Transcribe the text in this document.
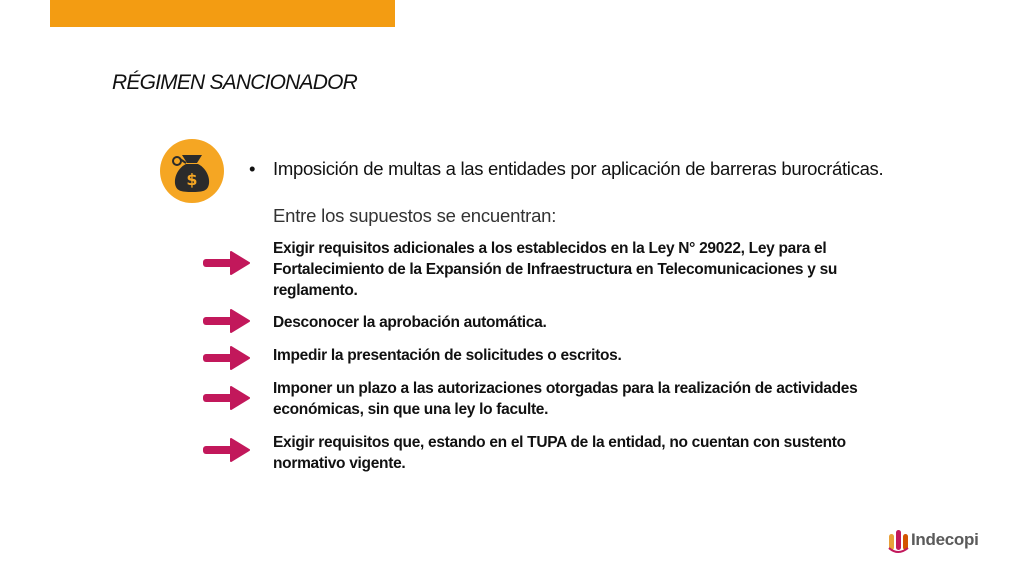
RÉGIMEN SANCIONADOR
$
• Imposición de multas a las entidades por aplicación de barreras burocráticas.
Entre los supuestos se encuentran:
Exigir requisitos adicionales a los establecidos en la Ley N° 29022, Ley para el Fortalecimiento de la Expansión de Infraestructura en Telecomunicaciones y su reglamento.
Desconocer la aprobación automática.
Impedir la presentación de solicitudes o escritos.
Imponer un plazo a las autorizaciones otorgadas para la realización de actividades económicas, sin que una ley lo faculte.
Exigir requisitos que, estando en el TUPA de la entidad, no cuentan con sustento normativo vigente.
Indecopi
